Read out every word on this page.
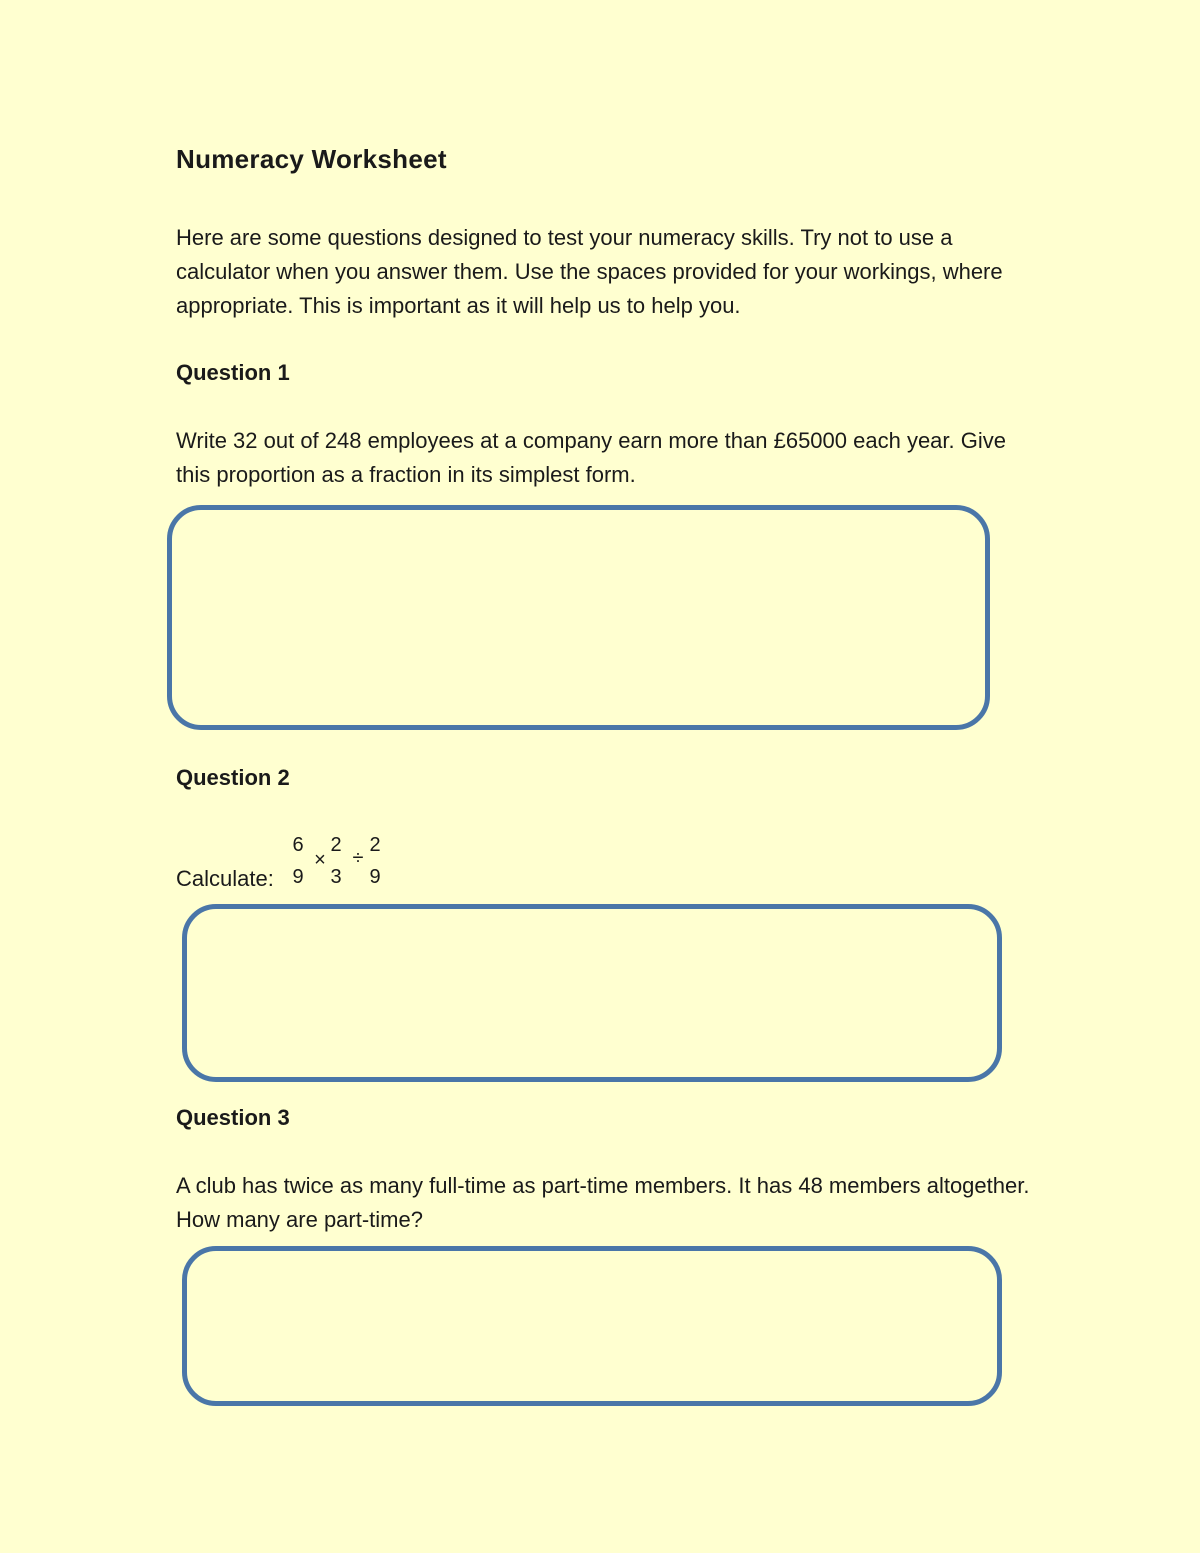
Numeracy Worksheet

Here are some questions designed to test your numeracy skills. Try not to use a calculator when you answer them. Use the spaces provided for your workings, where appropriate. This is important as it will help us to help you.

Question 1

Write 32 out of 248 employees at a company earn more than £65000 each year. Give this proportion as a fraction in its simplest form.

Question 2

Calculate:

6
9
×
2
3
÷
2
9
Question 3

A club has twice as many full-time as part-time members. It has 48 members altogether. How many are part-time?
